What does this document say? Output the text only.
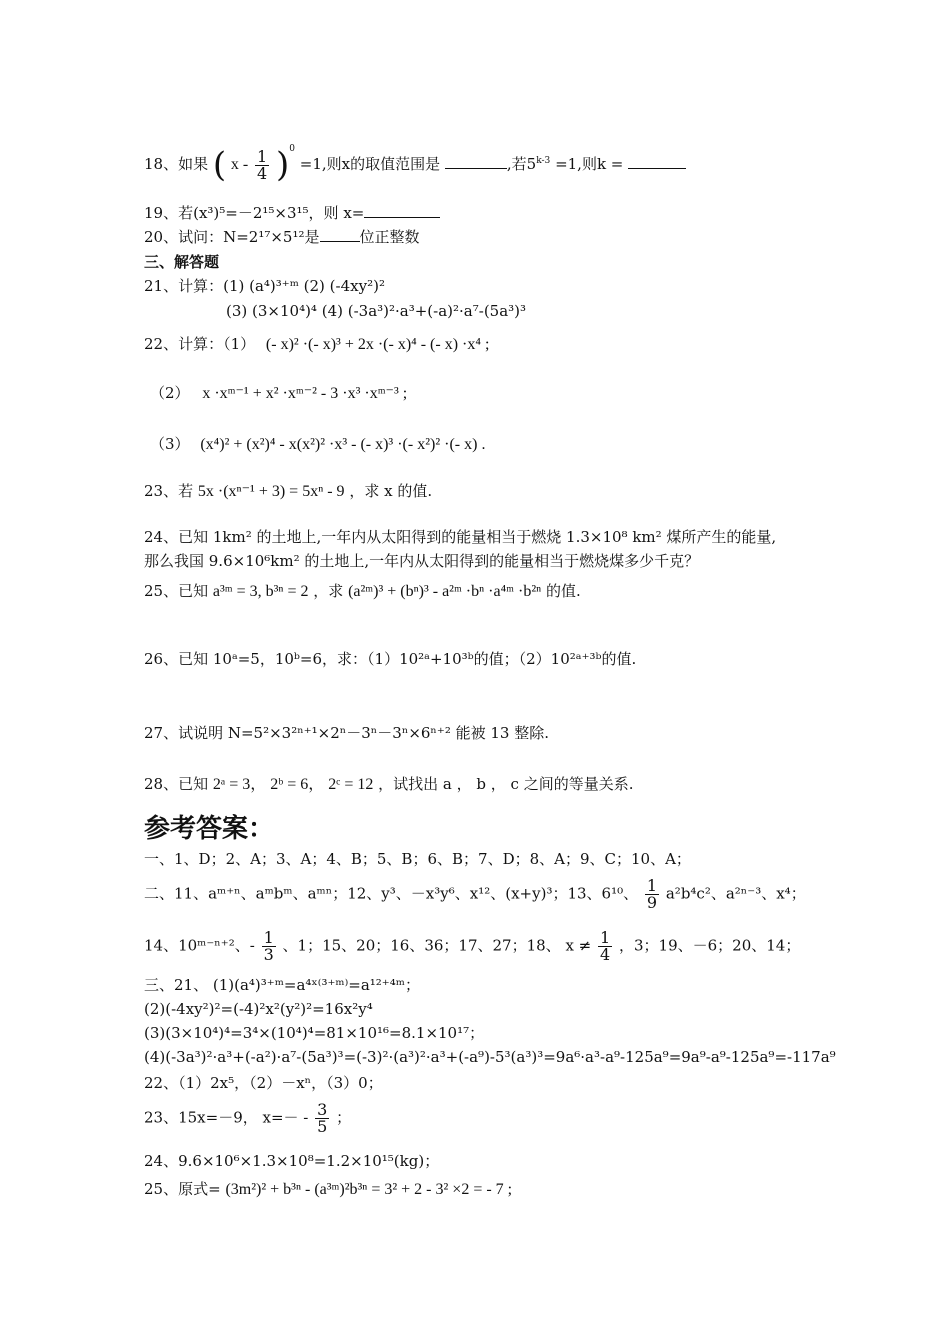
18、如果 ( $x - \frac{1}{4} )^0 =1$,则x的取值范围是	,若$5^{k-3} =1$,则k =
19、若(x³)⁵=－2¹⁵×3¹⁵，则 x=
20、试问：N=2¹⁷×5¹²是	位正整数
三、解答题
21、计算：(1) (a⁴)³⁺ᵐ (2) (-4xy²)²
(3) (3×10⁴)⁴ (4) (-3a³)²·a³+(-a)²·a⁷-(5a³)³
22、计算：（1） (- x)² ·(- x)³ + 2x ·(- x)⁴ - (- x) ·x⁴ ;
（2） x ·xᵐ⁻¹ + x² ·xᵐ⁻² - 3 ·x³ ·xᵐ⁻³ ;
（3） (x⁴)² + (x²)⁴ - x(x²)² ·x³ - (- x)³ ·(- x²)² ·(- x) .
23、若 5x ·(xⁿ⁻¹ + 3) = 5xⁿ - 9 ，求 x 的值.
24、已知 1km² 的土地上,一年内从太阳得到的能量相当于燃烧 1.3×10⁸ km² 煤所产生的能量,
那么我国 9.6×10⁶km² 的土地上,一年内从太阳得到的能量相当于燃烧煤多少千克？
25、已知 a³ᵐ = 3, b³ⁿ = 2 ，求 (a²ᵐ)³ + (bⁿ)³ - a²ᵐ ·bⁿ ·a⁴ᵐ ·b²ⁿ 的值.
26、已知 10ᵃ=5，10ᵇ=6，求：（1）10²ᵃ+10³ᵇ的值；（2）10²ᵃ⁺³ᵇ的值.
27、试说明 N=5²×3²ⁿ⁺¹×2ⁿ－3ⁿ－3ⁿ×6ⁿ⁺² 能被 13 整除.
28、已知 2ᵃ = 3， 2ᵇ = 6， 2ᶜ = 12 ，试找出 a ， b ， c 之间的等量关系.
参考答案：
一、1、D；2、A；3、A；4、B；5、B；6、B；7、D；8、A；9、C；10、A；
二、11、aᵐ⁺ⁿ、aᵐbᵐ、aᵐⁿ；12、y³、－x³y⁶、x¹²、(x+y)³；13、6¹⁰、 $\frac{1}{9} a^2b^4c^2$、a²ⁿ⁻³、x⁴；
14、10ᵐ⁻ⁿ⁺²、- $\frac{1}{3}$ 、1；15、20；16、36；17、27；18、 $x \ne \frac{1}{4}$ ，3；19、－6；20、14；
三、21、 (1)(a⁴)³⁺ᵐ=a⁴ˣ⁽³⁺ᵐ⁾=a¹²⁺⁴ᵐ；
(2)(-4xy²)²=(-4)²x²(y²)²=16x²y⁴
(3)(3×10⁴)⁴=3⁴×(10⁴)⁴=81×10¹⁶=8.1×10¹⁷；
(4)(-3a³)²·a³+(-a²)·a⁷-(5a³)³=(-3)²·(a³)²·a³+(-a⁹)-5³(a³)³=9a⁶·a³-a⁹-125a⁹=9a⁹-a⁹-125a⁹=-117a⁹
22、（1）2x⁵，（2）－xⁿ，（3）0；
23、15x=－9， $x=- - \frac{3}{5}$ ；
24、9.6×10⁶×1.3×10⁸=1.2×10¹⁵(kg)；
25、原式= (3m²)² + b³ⁿ - (a³ᵐ)²b³ⁿ = 3² + 2 - 3² ×2 = - 7 ;
